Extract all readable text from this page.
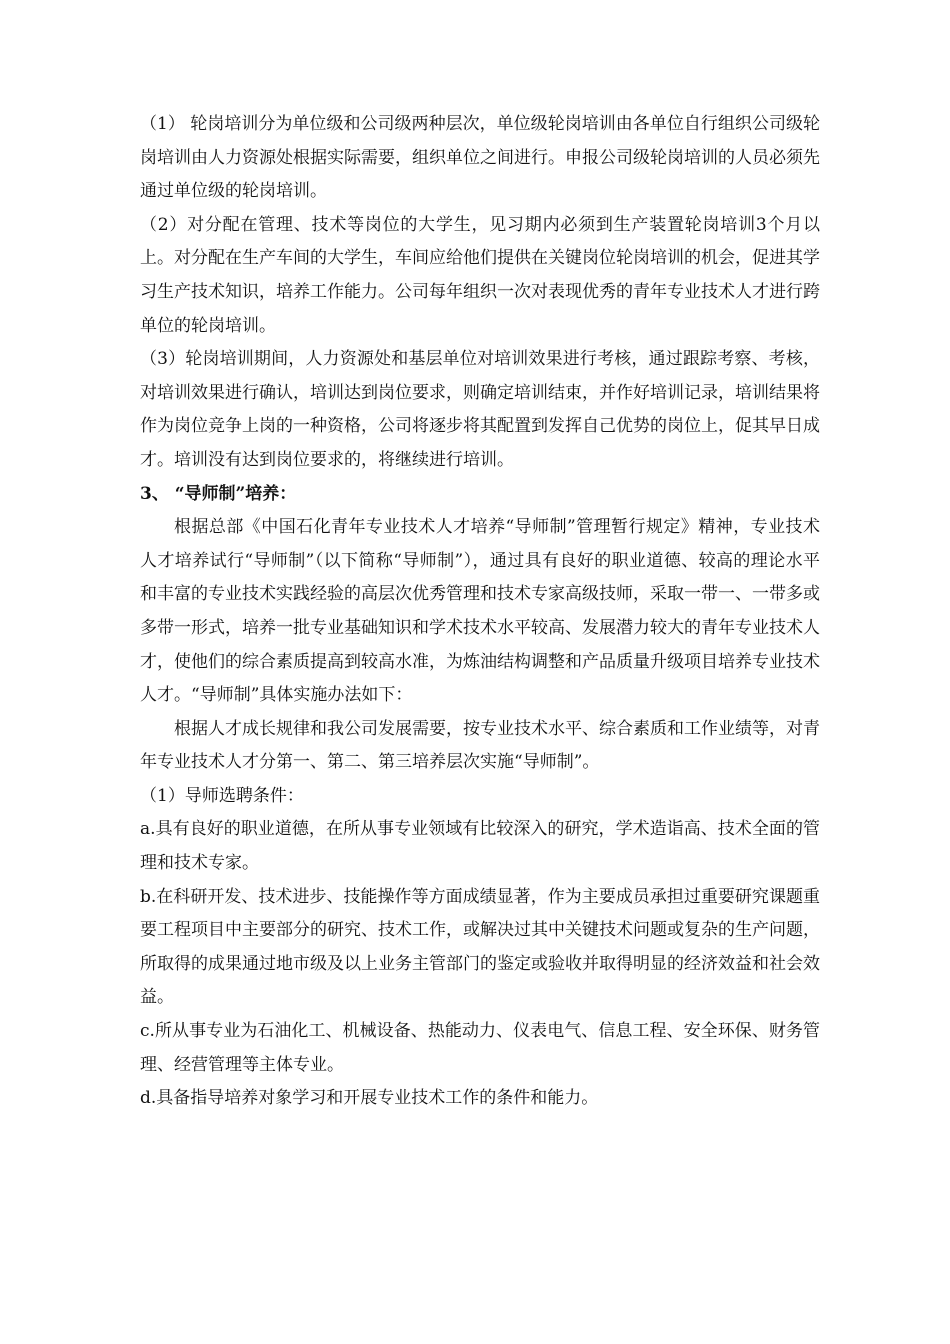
（1） 轮岗培训分为单位级和公司级两种层次，单位级轮岗培训由各单位自行组织公司级轮岗培训由人力资源处根据实际需要，组织单位之间进行。申报公司级轮岗培训的人员必须先通过单位级的轮岗培训。

（2）对分配在管理、技术等岗位的大学生，见习期内必须到生产装置轮岗培训3个月以上。对分配在生产车间的大学生，车间应给他们提供在关键岗位轮岗培训的机会，促进其学习生产技术知识，培养工作能力。公司每年组织一次对表现优秀的青年专业技术人才进行跨单位的轮岗培训。

（3）轮岗培训期间，人力资源处和基层单位对培训效果进行考核，通过跟踪考察、考核，对培训效果进行确认，培训达到岗位要求，则确定培训结束，并作好培训记录，培训结果将作为岗位竞争上岗的一种资格，公司将逐步将其配置到发挥自己优势的岗位上，促其早日成才。培训没有达到岗位要求的，将继续进行培训。

3、 “导师制”培养：

根据总部《中国石化青年专业技术人才培养“导师制”管理暂行规定》精神，专业技术人才培养试行“导师制”（以下简称“导师制”），通过具有良好的职业道德、较高的理论水平和丰富的专业技术实践经验的高层次优秀管理和技术专家高级技师，采取一带一、一带多或多带一形式，培养一批专业基础知识和学术技术水平较高、发展潜力较大的青年专业技术人才，使他们的综合素质提高到较高水准，为炼油结构调整和产品质量升级项目培养专业技术人才。“导师制”具体实施办法如下：

根据人才成长规律和我公司发展需要，按专业技术水平、综合素质和工作业绩等，对青年专业技术人才分第一、第二、第三培养层次实施“导师制”。

（1）导师选聘条件：

a.具有良好的职业道德，在所从事专业领域有比较深入的研究，学术造诣高、技术全面的管理和技术专家。

b.在科研开发、技术进步、技能操作等方面成绩显著，作为主要成员承担过重要研究课题重要工程项目中主要部分的研究、技术工作，或解决过其中关键技术问题或复杂的生产问题，所取得的成果通过地市级及以上业务主管部门的鉴定或验收并取得明显的经济效益和社会效益。

c.所从事专业为石油化工、机械设备、热能动力、仪表电气、信息工程、安全环保、财务管理、经营管理等主体专业。

d.具备指导培养对象学习和开展专业技术工作的条件和能力。
